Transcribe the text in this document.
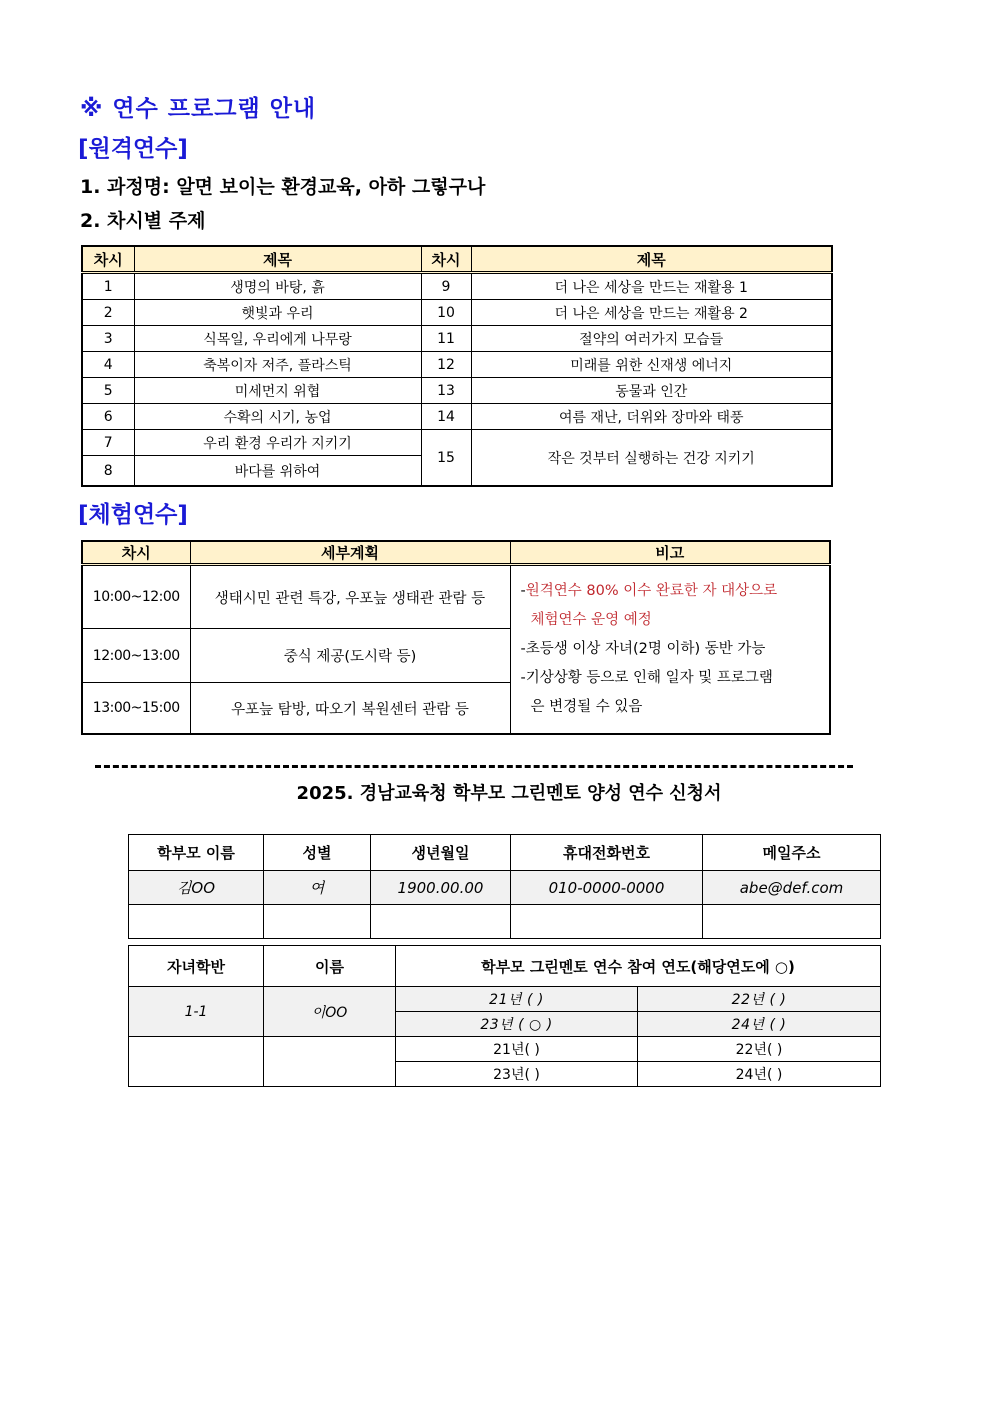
※ 연수 프로그램 안내
[원격연수]
1. 과정명: 알면 보이는 환경교육, 아하 그렇구나
2. 차시별 주제
차시	제목	차시	제목
1	생명의 바탕, 흙	9	더 나은 세상을 만드는 재활용 1
2	햇빛과 우리	10	더 나은 세상을 만드는 재활용 2
3	식목일, 우리에게 나무랑	11	절약의 여러가지 모습들
4	축복이자 저주, 플라스틱	12	미래를 위한 신재생 에너지
5	미세먼지 위협	13	동물과 인간
6	수확의 시기, 농업	14	여름 재난, 더위와 장마와 태풍
7	우리 환경 우리가 지키기	15	작은 것부터 실행하는 건강 지키기
8	바다를 위하여		
[체험연수]
차시	세부계획	비고
10:00~12:00	생태시민 관련 특강, 우포늪 생태관 관람 등	-원격연수 80% 이수 완료한 자 대상으로
체험연수 운영 예정
-초등생 이상 자녀(2명 이하) 동반 가능
-기상상황 등으로 인해 일자 및 프로그램
은 변경될 수 있음

12:00~13:00	중식 제공(도시락 등)	
13:00~15:00	우포늪 탐방, 따오기 복원센터 관람 등	
2025. 경남교육청 학부모 그린멘토 양성 연수 신청서
학부모 이름	성별	생년월일	휴대전화번호	메일주소
김OO	여	1900.00.00	010-0000-0000	abe@def.com

자녀학반	이름	학부모 그린멘토 연수 참여 연도(해당연도에 ○)	
1-1	이OO	21년 ( )	22년 ( )
		23년 ( ○ )	24년 ( )
		21년( )	22년( )
		23년( )	24년( )
